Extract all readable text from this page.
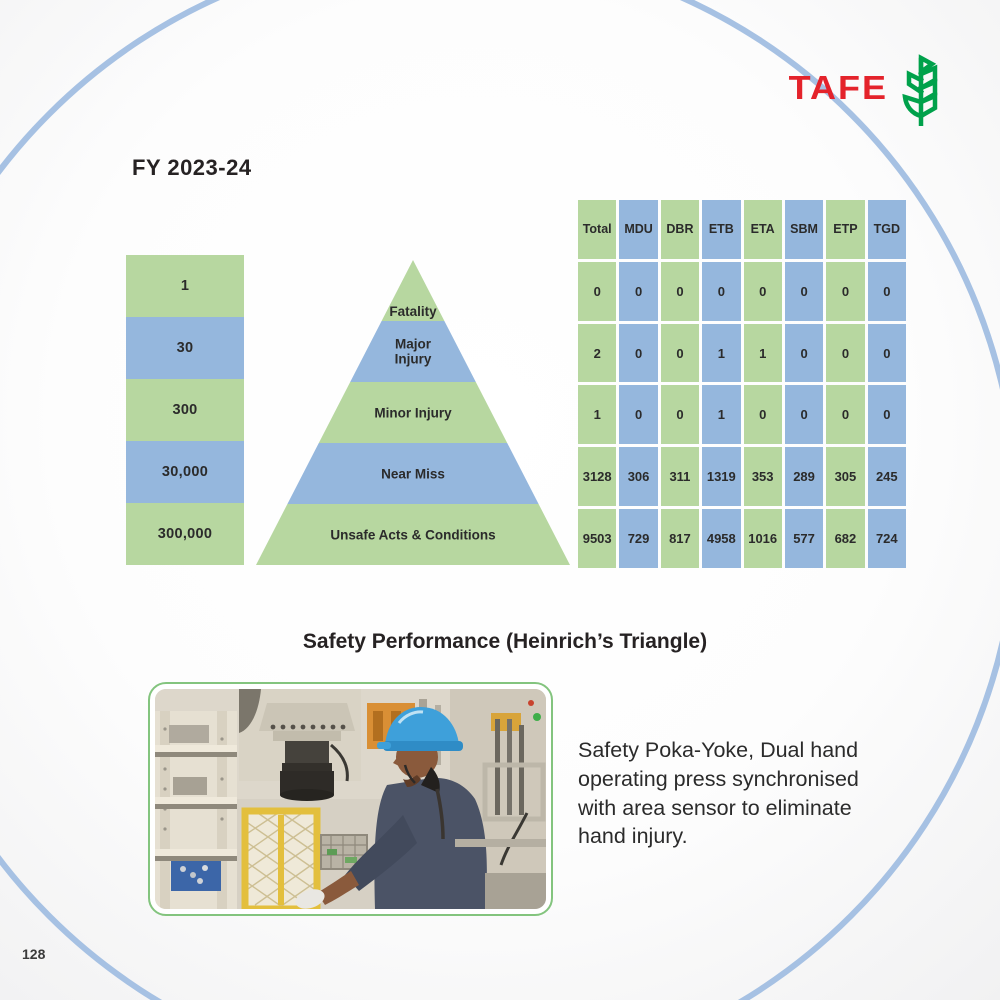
TAFE
FY 2023-24
1
30
300
30,000
300,000
Fatality
Major Injury
Minor Injury
Near Miss
Unsafe Acts & Conditions
Total	MDU	DBR	ETB	ETA	SBM	ETP	TGD
0	0	0	0	0	0	0	0
2	0	0	1	1	0	0	0
1	0	0	1	0	0	0	0
3128	306	311	1319	353	289	305	245
9503	729	817	4958 1016	577	682	724
Safety Performance (Heinrich’s Triangle)

Safety Poka-Yoke, Dual hand operating press synchronised with area sensor to eliminate hand injury.

128
